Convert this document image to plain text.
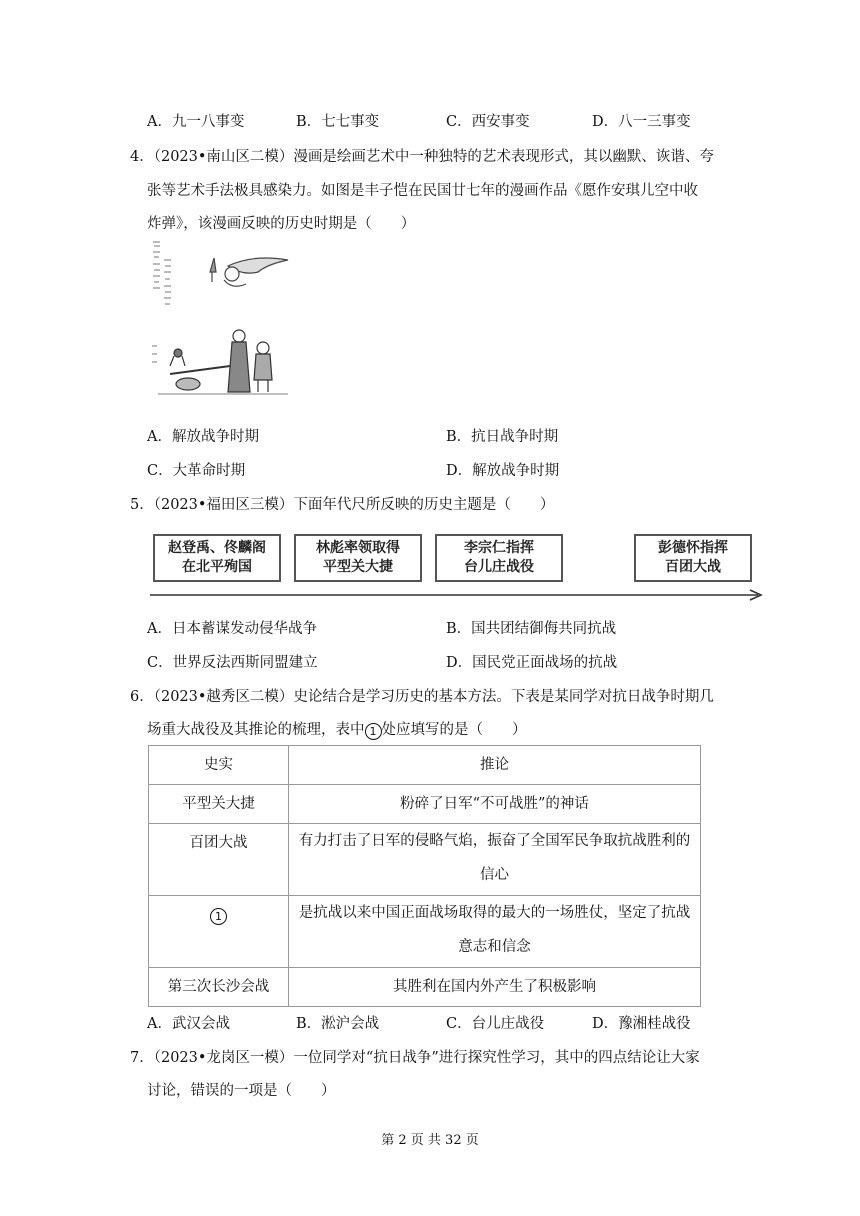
A．九一八事变	B．七七事变	C．西安事变	D．八一三事变
4．（2023•南山区二模）漫画是绘画艺术中一种独特的艺术表现形式，其以幽默、诙谐、夸
张等艺术手法极具感染力。如图是丰子恺在民国廿七年的漫画作品《愿作安琪儿空中收
炸弹》，该漫画反映的历史时期是（　　）
A．解放战争时期	B．抗日战争时期
C．大革命时期	D．解放战争时期
5．（2023•福田区三模）下面年代尺所反映的历史主题是（　　）
赵登禹、佟麟阁
在北平殉国
林彪率领取得
平型关大捷
李宗仁指挥
台儿庄战役
彭德怀指挥
百团大战
A．日本蓄谋发动侵华战争	B．国共团结御侮共同抗战
C．世界反法西斯同盟建立	D．国民党正面战场的抗战
6．（2023•越秀区二模）史论结合是学习历史的基本方法。下表是某同学对抗日战争时期几
场重大战役及其推论的梳理，表中 1 处应填写的是（　　）
史实	推论
平型关大捷	粉碎了日军“不可战胜”的神话
百团大战	有力打击了日军的侵略气焰，振奋了全国军民争取抗战胜利的
信心
1	是抗战以来中国正面战场取得的最大的一场胜仗，坚定了抗战
意志和信念
第三次长沙会战	其胜利在国内外产生了积极影响
A．武汉会战	B．淞沪会战	C．台儿庄战役	D．豫湘桂战役
7．（2023•龙岗区一模）一位同学对“抗日战争”进行探究性学习，其中的四点结论让大家
讨论，错误的一项是（　　）
第 2 页 共 32 页
